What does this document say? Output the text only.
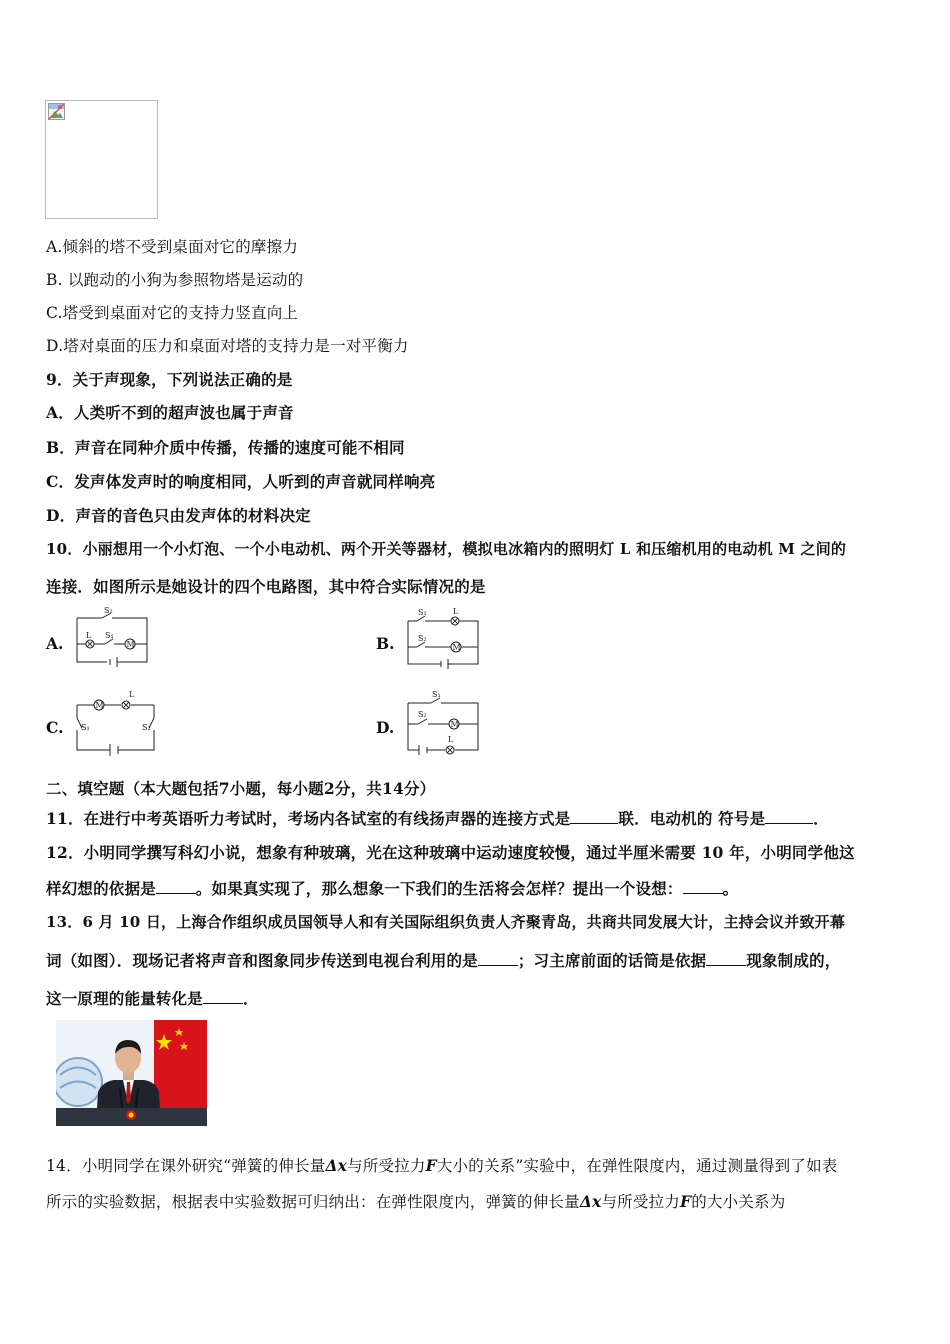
A.倾斜的塔不受到桌面对它的摩擦力
B. 以跑动的小狗为参照物塔是运动的
C.塔受到桌面对它的支持力竖直向上
D.塔对桌面的压力和桌面对塔的支持力是一对平衡力
9．关于声现象，下列说法正确的是
A．人类听不到的超声波也属于声音
B．声音在同种介质中传播，传播的速度可能不相同
C．发声体发声时的响度相同，人听到的声音就同样响亮
D．声音的音色只由发声体的材料决定
10．小丽想用一个小灯泡、一个小电动机、两个开关等器材，模拟电冰箱内的照明灯 L 和压缩机用的电动机 M 之间的
连接．如图所示是她设计的四个电路图，其中符合实际情况的是
A.	B.
C.	D.
M
S₂
L S₁
M
S₁	L
S₂
M
L
S₁	S₂	M
S₁
S₂
L
二、填空题（本大题包括7小题，每小题2分，共14分）
11．在进行中考英语听力考试时，考场内各试室的有线扬声器的连接方式是	联．电动机的 符号是	．
12．小明同学撰写科幻小说，想象有种玻璃，光在这种玻璃中运动速度较慢，通过半厘米需要 10 年，小明同学他这
样幻想的依据是	。如果真实现了，那么想象一下我们的生活将会怎样？提出一个设想：	。
13．6 月 10 日，上海合作组织成员国领导人和有关国际组织负责人齐聚青岛，共商共同发展大计，主持会议并致开幕
词（如图）．现场记者将声音和图象同步传送到电视台利用的是	；习主席前面的话筒是依据	现象制成的，
这一原理的能量转化是	．
14．小明同学在课外研究“弹簧的伸长量Δx与所受拉力F大小的关系”实验中，在弹性限度内，通过测量得到了如表
所示的实验数据，根据表中实验数据可归纳出：在弹性限度内，弹簧的伸长量Δx与所受拉力F的大小关系为
